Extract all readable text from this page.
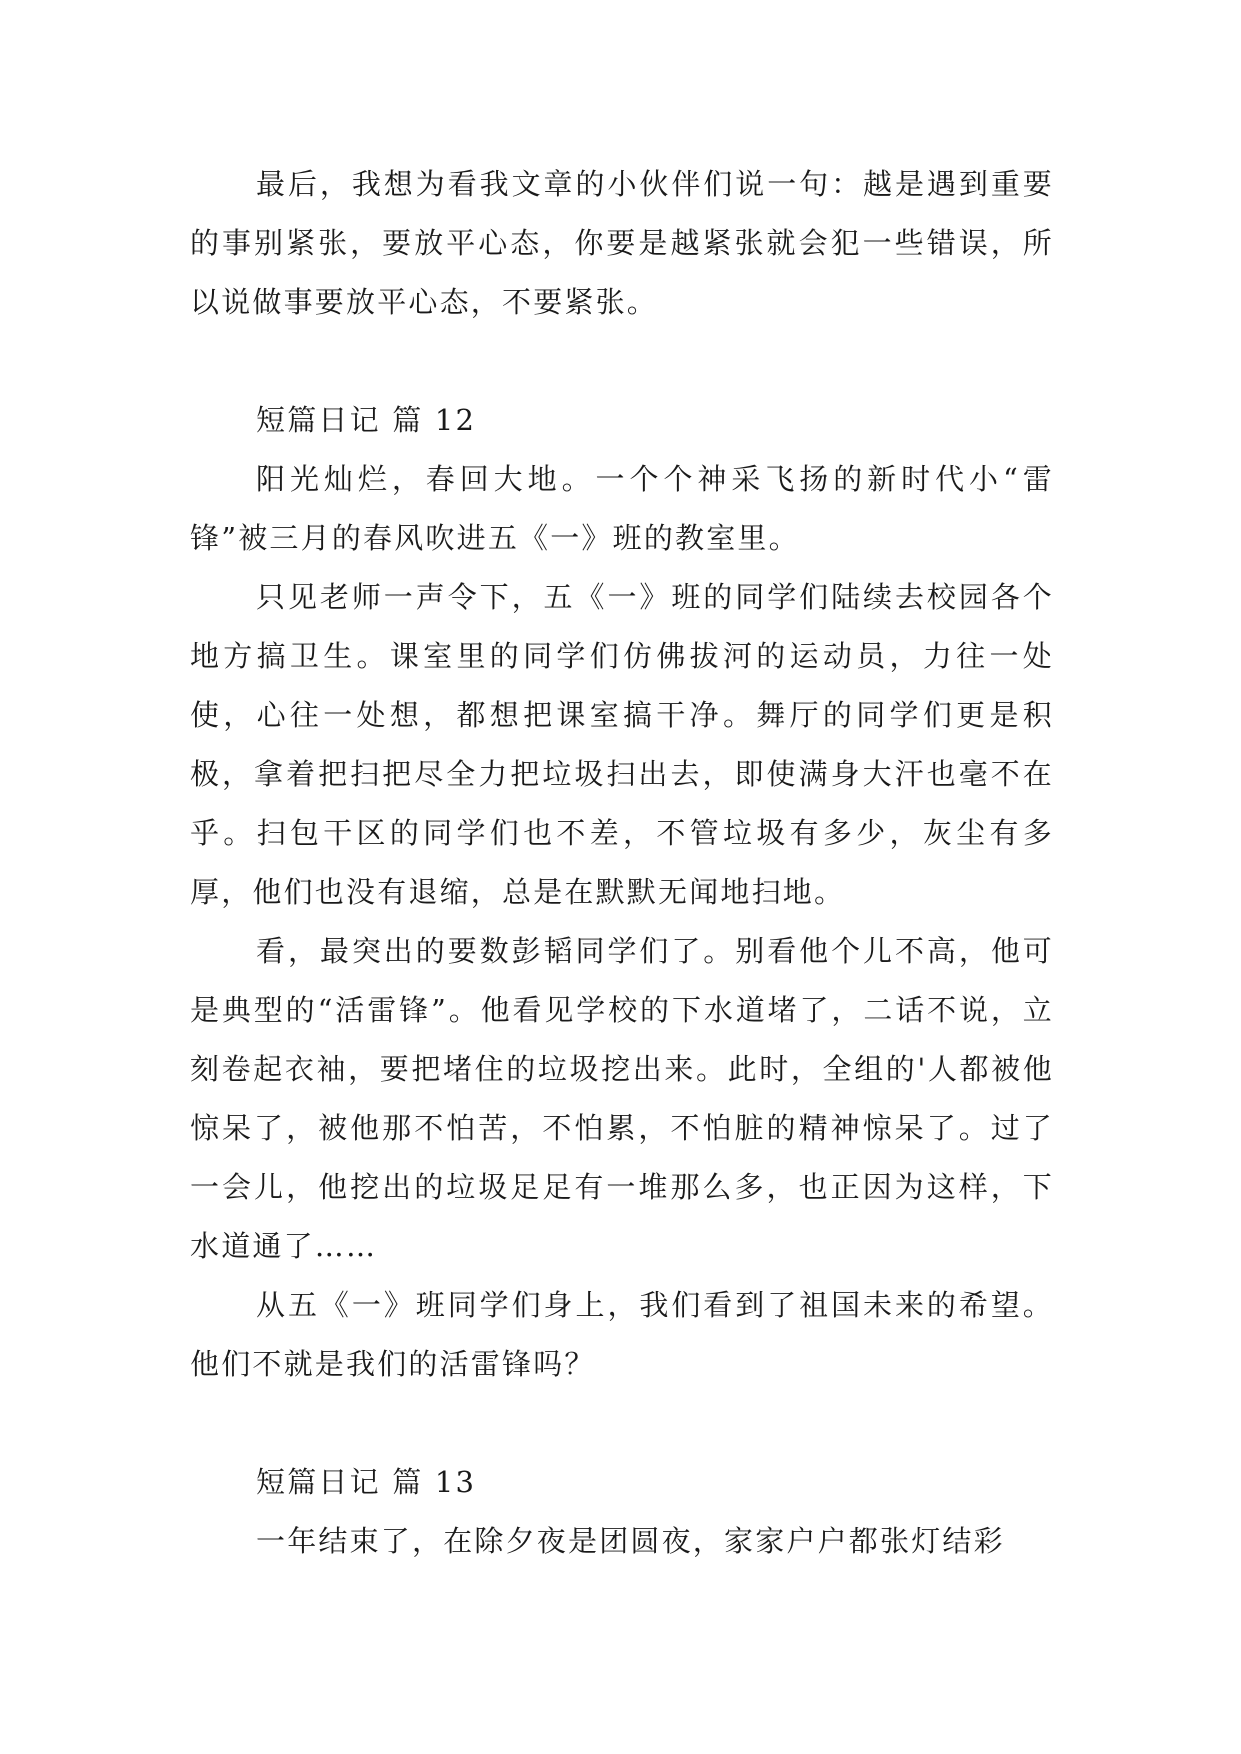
最后，我想为看我文章的小伙伴们说一句：越是遇到重要的事别紧张，要放平心态，你要是越紧张就会犯一些错误，所以说做事要放平心态，不要紧张。

短篇日记 篇 12

阳光灿烂，春回大地。一个个神采飞扬的新时代小“雷锋”被三月的春风吹进五《一》班的教室里。

只见老师一声令下，五《一》班的同学们陆续去校园各个地方搞卫生。课室里的同学们仿佛拔河的运动员，力往一处使，心往一处想，都想把课室搞干净。舞厅的同学们更是积极，拿着把扫把尽全力把垃圾扫出去，即使满身大汗也毫不在乎。扫包干区的同学们也不差，不管垃圾有多少，灰尘有多厚，他们也没有退缩，总是在默默无闻地扫地。

看，最突出的要数彭韬同学们了。别看他个儿不高，他可是典型的“活雷锋”。他看见学校的下水道堵了，二话不说，立刻卷起衣袖，要把堵住的垃圾挖出来。此时，全组的'人都被他惊呆了，被他那不怕苦，不怕累，不怕脏的精神惊呆了。过了一会儿，他挖出的垃圾足足有一堆那么多，也正因为这样，下水道通了……

从五《一》班同学们身上，我们看到了祖国未来的希望。他们不就是我们的活雷锋吗？

短篇日记 篇 13

一年结束了，在除夕夜是团圆夜，家家户户都张灯结彩
